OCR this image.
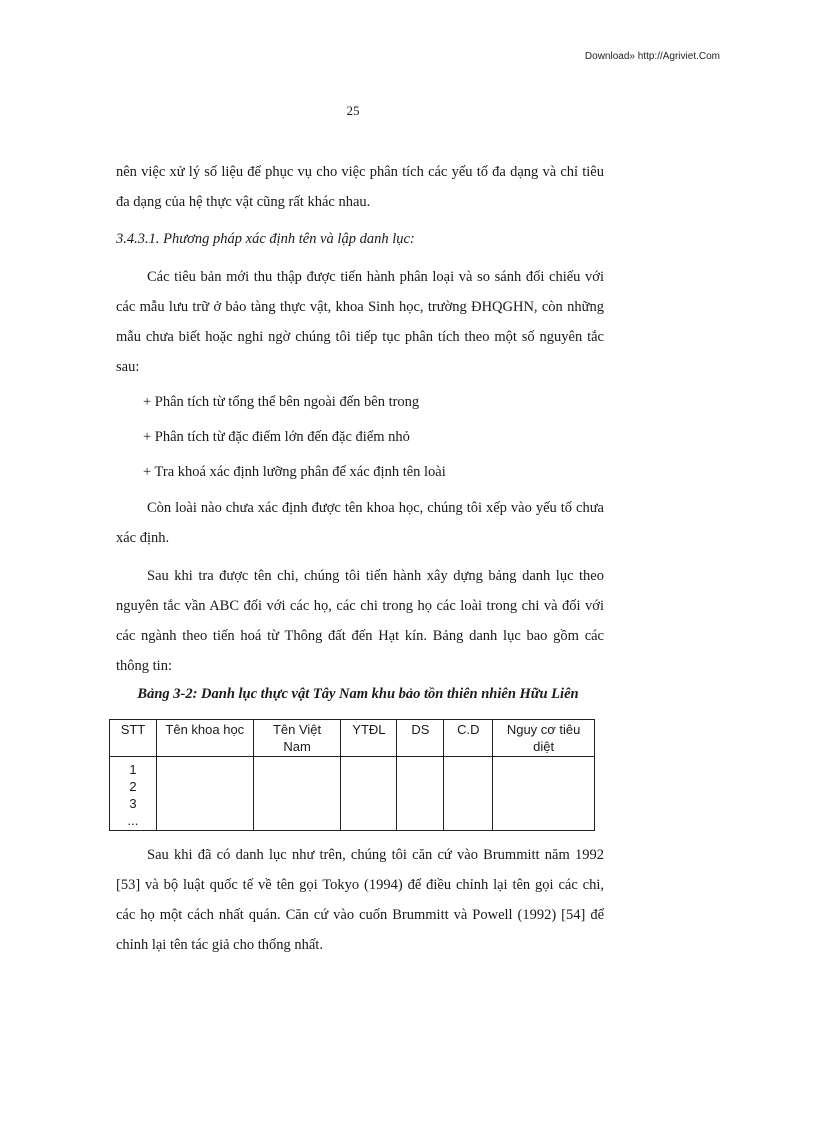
Download» http://Agriviet.Com
25

nên việc xử lý số liệu để phục vụ cho việc phân tích các yếu tố đa dạng và chỉ tiêu đa dạng của hệ thực vật cũng rất khác nhau.

3.4.3.1. Phương pháp xác định tên và lập danh lục:

Các tiêu bản mới thu thập được tiến hành phân loại và so sánh đối chiếu với các mẫu lưu trữ ở bảo tàng thực vật, khoa Sinh học, trường ĐHQGHN, còn những mẫu chưa biết hoặc nghi ngờ chúng tôi tiếp tục phân tích theo một số nguyên tắc sau:

+ Phân tích từ tổng thể bên ngoài đến bên trong

+ Phân tích từ đặc điểm lớn đến đặc điểm nhỏ

+ Tra khoá xác định lưỡng phân để xác định tên loài

Còn loài nào chưa xác định được tên khoa học, chúng tôi xếp vào yếu tố chưa xác định.

Sau khi tra được tên chi, chúng tôi tiến hành xây dựng bảng danh lục theo nguyên tắc vần ABC đối với các họ, các chi trong họ các loài trong chi và đối với các ngành theo tiến hoá từ Thông đất đến Hạt kín. Bảng danh lục bao gồm các thông tin:

Bảng 3-2: Danh lục thực vật Tây Nam khu bảo tồn thiên nhiên Hữu Liên

STT	Tên khoa học	Tên Việt Nam	YTĐL	DS	C.D	Nguy cơ tiêu diệt

1
2
3
...						

Sau khi đã có danh lục như trên, chúng tôi căn cứ vào Brummitt năm 1992 [53] và bộ luật quốc tế về tên gọi Tokyo (1994) để điều chỉnh lại tên gọi các chi, các họ một cách nhất quán. Căn cứ vào cuốn Brummitt và Powell (1992) [54] để chỉnh lại tên tác giả cho thống nhất.
